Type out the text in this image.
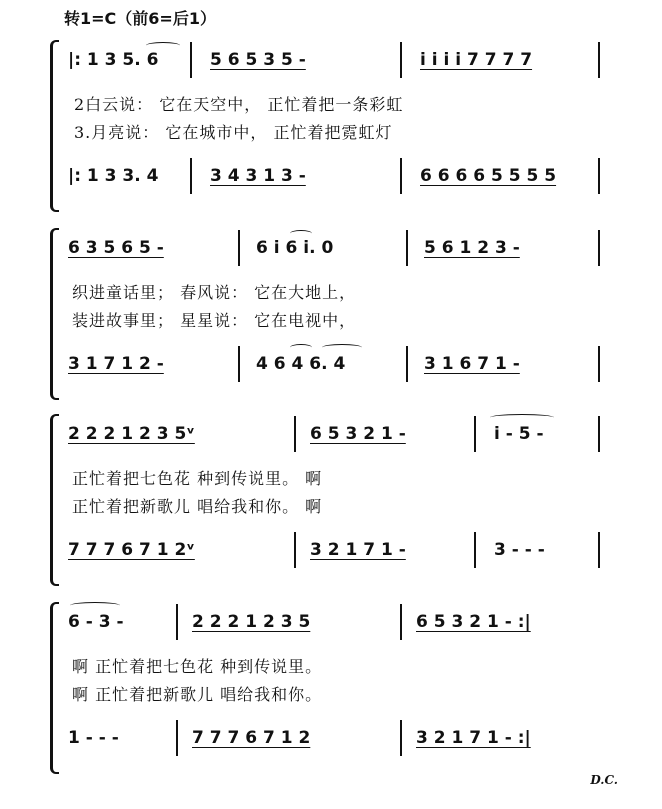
转1=C（前6=后1）
|: 1 3 5. 6	5 6 5 3 5 -	i i i i 7 7 7 7
2白云说： 它在天空中， 正忙着把一条彩虹
3.月亮说： 它在城市中， 正忙着把霓虹灯
|: 1 3 3. 4	3 4 3 1 3 -	6 6 6 6 5 5 5 5
6 3 5 6 5 -	6 i 6 i. 0	5 6 1 2 3 -
织进童话里； 春风说： 它在大地上，
装进故事里； 星星说： 它在电视中，
3 1 7 1 2 -	4 6 4 6. 4	3 1 6 7 1 -
2 2 2 1 2 3 5ᵛ	6 5 3 2 1 -	i - 5 -
正忙着把七色花 种到传说里。 啊
正忙着把新歌儿 唱给我和你。 啊
7 7 7 6 7 1 2ᵛ	3 2 1 7 1 -	3 - - -
6 - 3 -	2 2 2 1 2 3 5	6 5 3 2 1 - :|
啊 正忙着把七色花 种到传说里。
啊 正忙着把新歌儿 唱给我和你。
1 - - -	7 7 7 6 7 1 2	3 2 1 7 1 - :|
D.C.
